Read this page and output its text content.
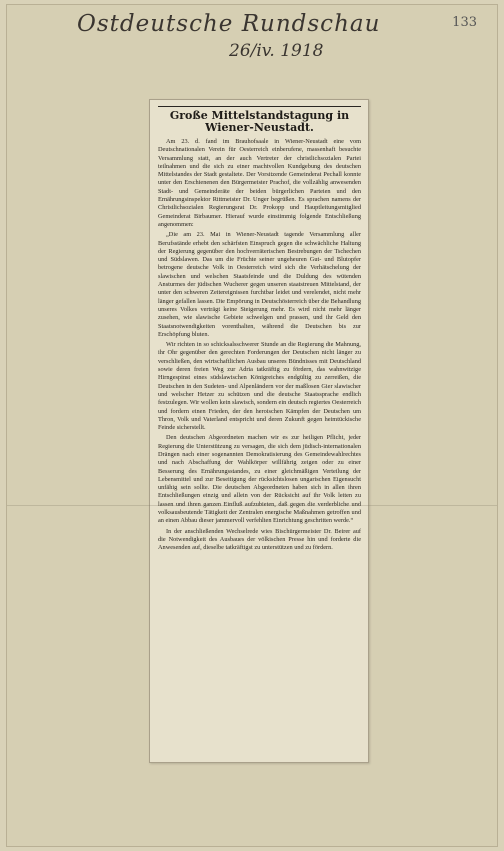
Ostdeutsche Rundschau
26/iv. 1918
133
Große Mittelstandstagung in Wiener-Neustadt.

Am 23. d. fand im Brauhofsaale in Wiener-Neustadt eine vom Deutschnationalen Verein für Oesterreich einberufene, massenhaft besuchte Versammlung statt, an der auch Vertreter der christlichsozialen Partei teilnahmen und die sich zu einer machtvollen Kundgebung des deutschen Mittelstandes der Stadt gestaltete. Der Vorsitzende Gemeinderat Pechall konnte unter den Erschienenen den Bürgermeister Prachof, die vollzählig anwesenden Stadt- und Gemeinderäte der beiden bürgerlichen Parteien und den Ernährungsinspektor Rittmeister Dr. Unger begrüßen. Es sprachen namens der Christlichsozialen Regierungsrat Dr. Prokopp und Hauptleitungsmitglied Gemeinderat Birbaumer. Hierauf wurde einstimmig folgende Entschließung angenommen:

„Die am 23. Mai in Wiener-Neustadt tagende Versammlung aller Berufsstände erhebt den schärfsten Einspruch gegen die schwächliche Haltung der Regierung gegenüber den hochverräterischen Bestrebungen der Tschechen und Südslawen. Das um die Früchte seiner ungeheuren Gut- und Blutopfer betrogene deutsche Volk in Oesterreich wird sich die Verhätschelung der slawischen und welschen Staatsfeinde und die Duldung des wütenden Ansturmes der jüdischen Wucherer gegen unseren staatstreuen Mittelstand, der unter den schweren Zeitereignissen furchtbar leidet und verelendet, nicht mehr länger gefallen lassen. Die Empörung in Deutschösterreich über die Behandlung unseres Volkes verträgt keine Steigerung mehr. Es wird nicht mehr länger zusehen, wie slawische Gebiete schwelgen und prassen, und ihr Geld den Staatsnotwendigkeiten vorenthalten, während die Deutschen bis zur Erschöpfung bluten.

Wir richten in so schicksalsschwerer Stunde an die Regierung die Mahnung, ihr Ohr gegenüber den gerechten Forderungen der Deutschen nicht länger zu verschließen, den wirtschaftlichen Ausbau unseres Bündnisses mit Deutschland sowie deren freien Weg zur Adria tatkräftig zu fördern, das wahnwitzige Hirngespinst eines südslawischen Königreiches endgültig zu zerreißen, die Deutschen in den Sudeten- und Alpenländern vor der maßlosen Gier slawischer und welscher Hetzer zu schützen und die deutsche Staatssprache endlich festzulegen. Wir wollen kein slawisch, sondern ein deutsch regiertes Oesterreich und fordern einen Frieden, der den heroischen Kämpfen der Deutschen um Thron, Volk und Vaterland entspricht und deren Zukunft gegen heimtückische Feinde sicherstellt.

Den deutschen Abgeordneten machen wir es zur heiligen Pflicht, jeder Regierung die Unterstützung zu versagen, die sich dem jüdisch-internationalen Drängen nach einer sogenannten Demokratisierung des Gemeindewahlrechtes und nach Abschaffung der Wahlkörper willfährig zeigen oder zu einer Besserung des Ernährungsstandes, zu einer gleichmäßigen Verteilung der Lebensmittel und zur Beseitigung der rücksichtslosen ungarischen Eigensucht unfähig sein sollte. Die deutschen Abgeordneten haben sich in allen ihren Entschließungen einzig und allein von der Rücksicht auf ihr Volk leiten zu lassen und ihren ganzen Einfluß aufzubieten, daß gegen die verderbliche und volksausbeutende Tätigkeit der Zentralen energische Maßnahmen getroffen und an einen Abbau dieser jammervoll verfehlten Einrichtung geschritten werde.“

In der anschließenden Wechselrede wies Bischürgermeister Dr. Beirer auf die Notwendigkeit des Ausbaues der völkischen Presse hin und forderte die Anwesenden auf, dieselbe tatkräftigst zu unterstützen und zu fördern.
